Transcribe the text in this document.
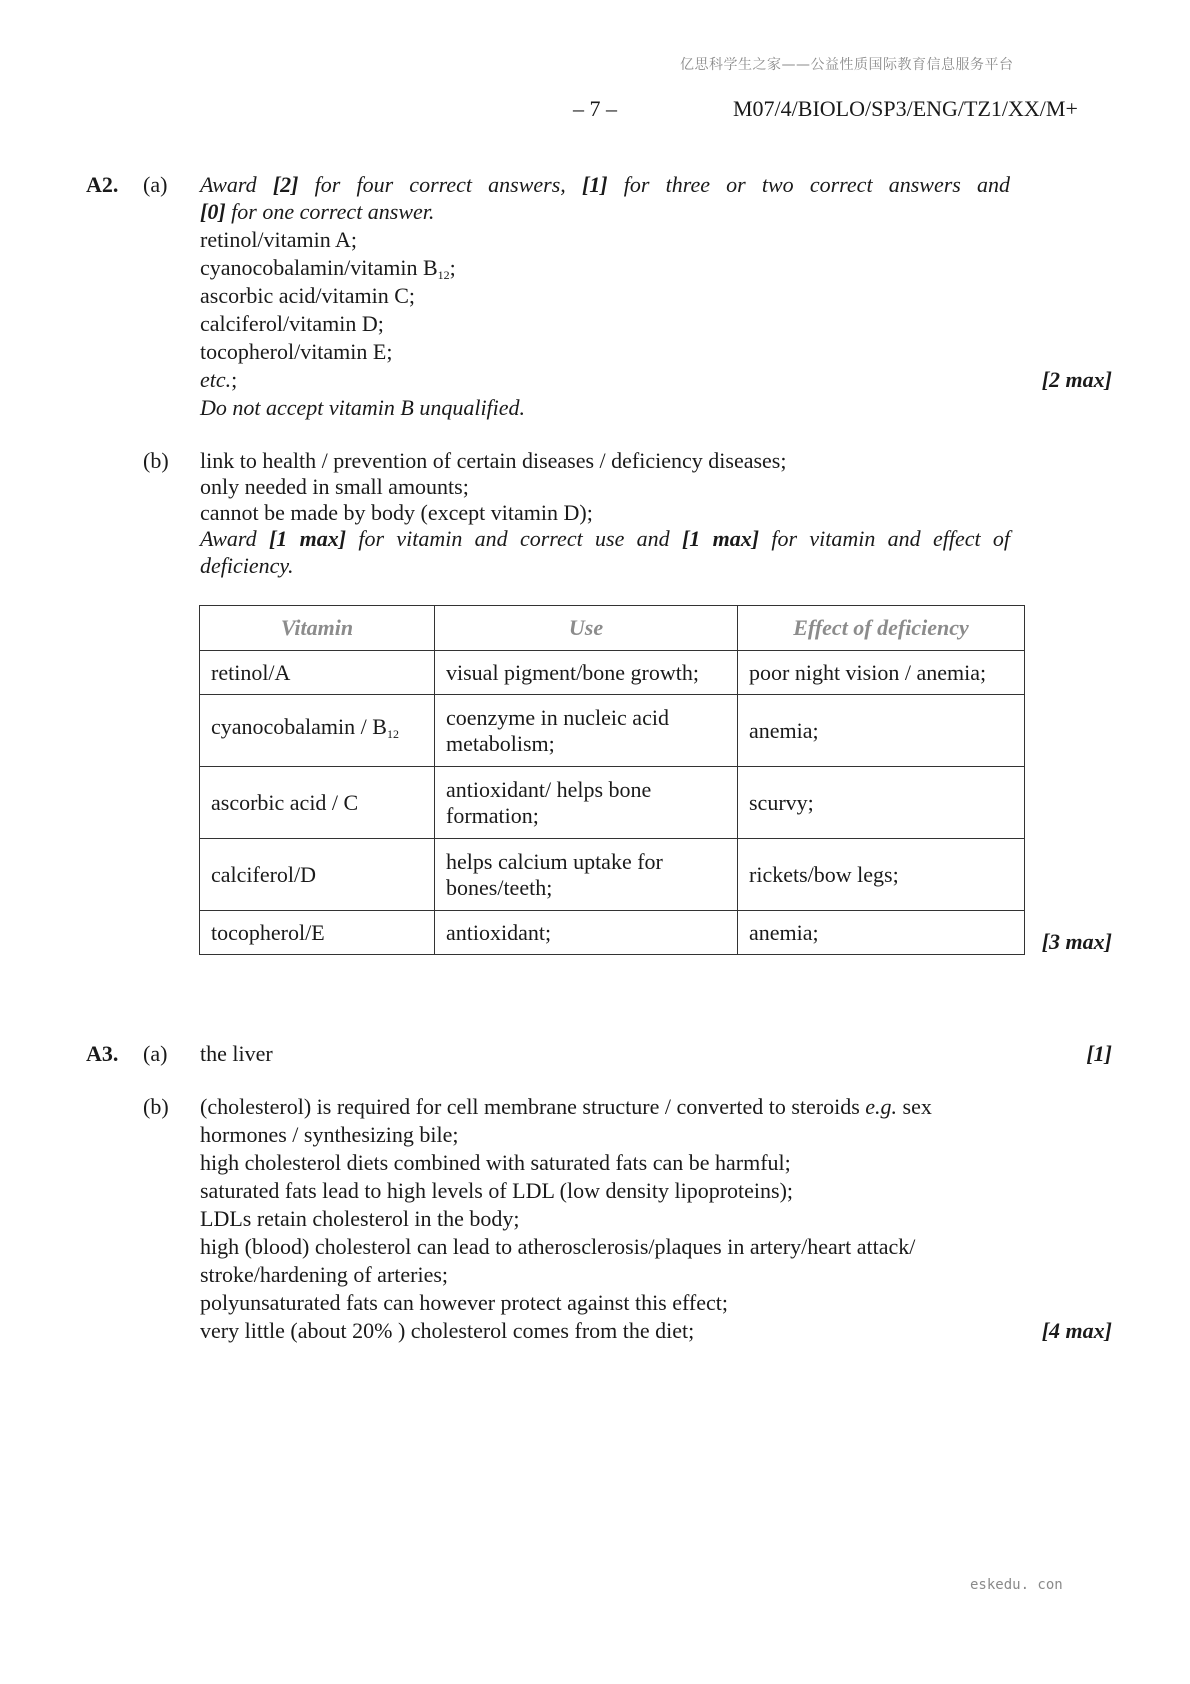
亿思科学生之家——公益性质国际教育信息服务平台
– 7 –	M07/4/BIOLO/SP3/ENG/TZ1/XX/M+
A2. (a) Award [2] for four correct answers, [1] for three or two correct answers and
[0] for one correct answer.
retinol/vitamin A;
cyanocobalamin/vitamin $B_{12}$;
ascorbic acid/vitamin C;
calciferol/vitamin D;
tocopherol/vitamin E;
etc.;	[2 max]
Do not accept vitamin B unqualified.
(b) link to health / prevention of certain diseases / deficiency diseases;
only needed in small amounts;
cannot be made by body (except vitamin D);
Award [1 max] for vitamin and correct use and [1 max] for vitamin and effect of
deficiency.
Vitamin	Use	Effect of deficiency
retinol/A	visual pigment/bone growth;	poor night vision / anemia;
cyanocobalamin / $B_{12}$	coenzyme in nucleic acid
metabolism;	anemia;
ascorbic acid / C	antioxidant/ helps bone
formation;	scurvy;
calciferol/D	helps calcium uptake for
bones/teeth;	rickets/bow legs;
tocopherol/E	antioxidant;	anemia;	[3 max]
A3. (a) the liver	[1]
(b) (cholesterol) is required for cell membrane structure / converted to steroids e.g. sex
hormones / synthesizing bile;
high cholesterol diets combined with saturated fats can be harmful;
saturated fats lead to high levels of LDL (low density lipoproteins);
LDLs retain cholesterol in the body;
high (blood) cholesterol can lead to atherosclerosis/plaques in artery/heart attack/
stroke/hardening of arteries;
polyunsaturated fats can however protect against this effect;
very little (about 20% ) cholesterol comes from the diet;	[4 max]
eskedu. con
